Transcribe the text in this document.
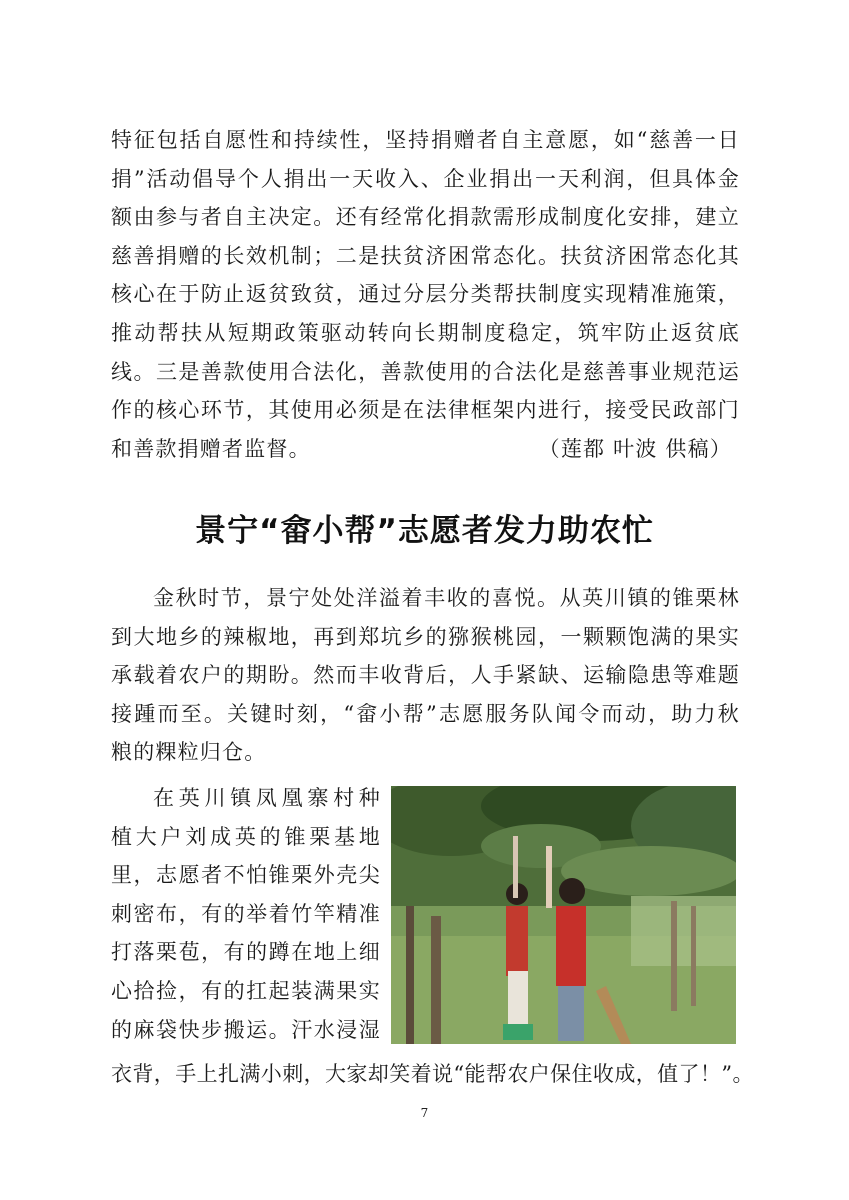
特征包括自愿性和持续性，坚持捐赠者自主意愿，如“慈善一日
捐”活动倡导个人捐出一天收入、企业捐出一天利润，但具体金
额由参与者自主决定。还有经常化捐款需形成制度化安排，建立
慈善捐赠的长效机制；二是扶贫济困常态化。扶贫济困常态化其
核心在于防止返贫致贫，通过分层分类帮扶制度实现精准施策，
推动帮扶从短期政策驱动转向长期制度稳定，筑牢防止返贫底
线。三是善款使用合法化，善款使用的合法化是慈善事业规范运
作的核心环节，其使用必须是在法律框架内进行，接受民政部门
和善款捐赠者监督。	（莲都 叶波 供稿）
景宁“畲小帮”志愿者发力助农忙
金秋时节，景宁处处洋溢着丰收的喜悦。从英川镇的锥栗林
到大地乡的辣椒地，再到郑坑乡的猕猴桃园，一颗颗饱满的果实
承载着农户的期盼。然而丰收背后，人手紧缺、运输隐患等难题
接踵而至。关键时刻，“畲小帮”志愿服务队闻令而动，助力秋
粮的粿粒归仓。
在英川镇凤凰寨村种
植大户刘成英的锥栗基地
里，志愿者不怕锥栗外壳尖
刺密布，有的举着竹竿精准
打落栗苞，有的蹲在地上细
心拾捡，有的扛起装满果实
的麻袋快步搬运。汗水浸湿
衣背，手上扎满小刺，大家却笑着说“能帮农户保住收成，值了！”。
7
